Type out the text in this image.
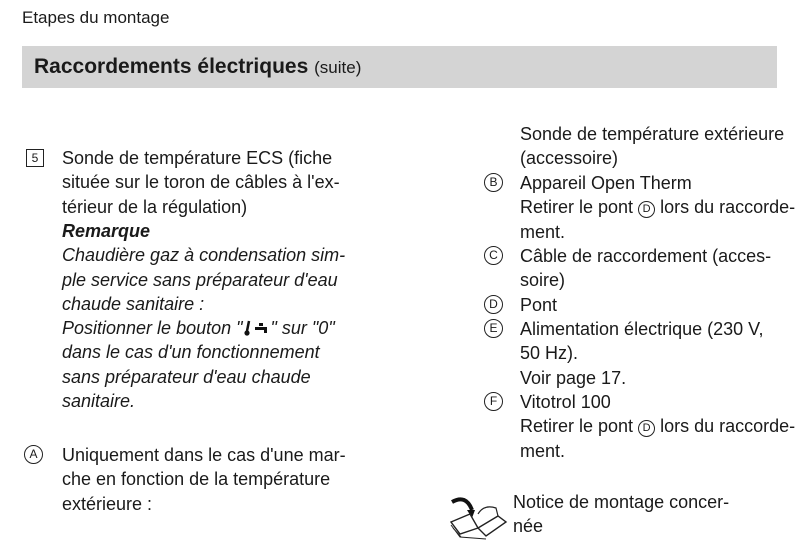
Etapes du montage
Raccordements électriques (suite)
5	Sonde de température ECS (fiche
située sur le toron de câbles à l'ex-
térieur de la régulation)
Remarque
Chaudière gaz à condensation sim-
ple service sans préparateur d'eau
chaude sanitaire :
Positionner le bouton " " sur "0"
dans le cas d'un fonctionnement
sans préparateur d'eau chaude
sanitaire.
A	Uniquement dans le cas d'une mar-
che en fonction de la température
extérieure :
Sonde de température extérieure
(accessoire)
B	Appareil Open Therm
Retirer le pont D lors du raccorde-
ment.
C Câble de raccordement (acces-
soire)
D Pont
E	Alimentation électrique (230 V,
50 Hz).
Voir page 17.
F	Vitotrol 100
Retirer le pont D lors du raccorde-
ment.
Notice de montage concer-
née
